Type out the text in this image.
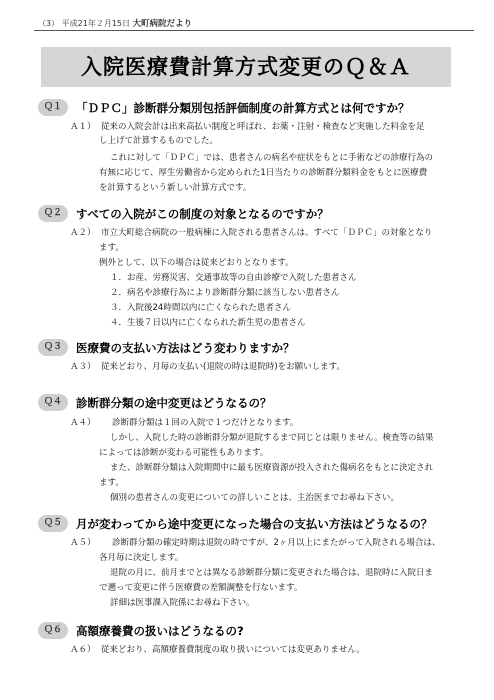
（3） 平成21年２月15日 大町病院だより
入院医療費計算方式変更のＱ＆Ａ
Ｑ１	「ＤＰＣ」診断群分類別包括評価制度の計算方式とは何ですか？
Ａ１） 従来の入院会計は出来高払い制度と呼ばれ、お薬・注射・検査など実施した料金を足
し上げて計算するものでした。
これに対して「ＤＰＣ」では、患者さんの病名や症状をもとに手術などの診療行為の
有無に応じて、厚生労働省から定められた1日当たりの診断群分類料金をもとに医療費
を計算するという新しい計算方式です。
Ｑ２	すべての入院がこの制度の対象となるのですか？
Ａ２） 市立大町総合病院の一般病棟に入院される患者さんは、すべて「ＤＰＣ」の対象となり
ます。
例外として、以下の場合は従来どおりとなります。
１．お産、労務災害、交通事故等の自由診療で入院した患者さん
２．病名や診療行為により診断群分類に該当しない患者さん
３．入院後24時間以内に亡くなられた患者さん
４．生後７日以内に亡くなられた新生児の患者さん
Ｑ３	医療費の支払い方法はどう変わりますか？
Ａ３） 従来どおり、月毎の支払い(退院の時は退院時)をお願いします。
Ｑ４	診断群分類の途中変更はどうなるの？
Ａ４） 診断群分類は１回の入院で１つだけとなります。
しかし、入院した時の診断群分類が退院するまで同じとは限りません。検査等の結果
によっては診断が変わる可能性もあります。
また、診断群分類は入院期間中に最も医療資源が投入された傷病名をもとに決定され
ます。
個別の患者さんの変更についての詳しいことは、主治医までお尋ね下さい。
Ｑ５	月が変わってから途中変更になった場合の支払い方法はどうなるの？
Ａ５） 診断群分類の確定時期は退院の時ですが、2ヶ月以上にまたがって入院される場合は、
各月毎に決定します。
退院の月に、前月までとは異なる診断群分類に変更された場合は、退院時に入院日ま
で遡って変更に伴う医療費の差額調整を行ないます。
詳細は医事課入院係にお尋ね下さい。
Ｑ６	高額療養費の扱いはどうなるの?
Ａ６） 従来どおり、高額療養費制度の取り扱いについては変更ありません。
